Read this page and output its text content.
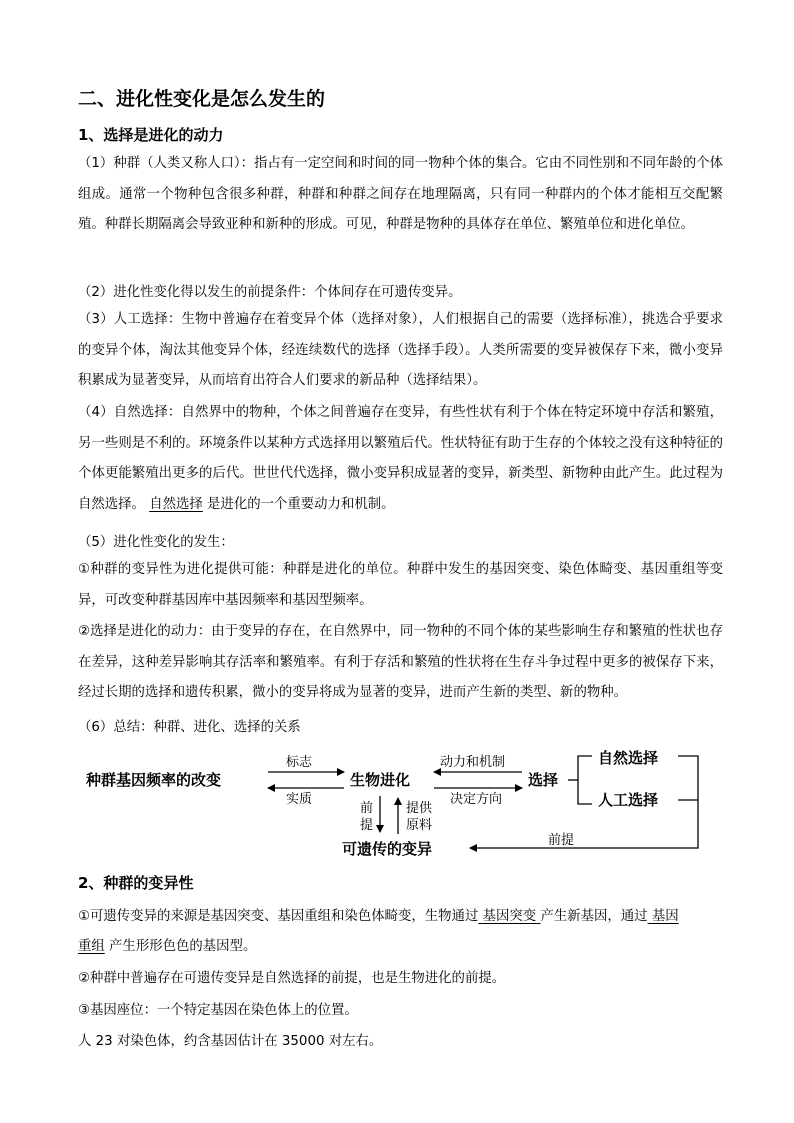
二、进化性变化是怎么发生的
1、选择是进化的动力
（1）种群（人类又称人口）：指占有一定空间和时间的同一物种个体的集合。它由不同性别和不同年龄的个体组成。通常一个物种包含很多种群，种群和种群之间存在地理隔离，只有同一种群内的个体才能相互交配繁殖。种群长期隔离会导致亚种和新种的形成。可见，种群是物种的具体存在单位、繁殖单位和进化单位。
（2）进化性变化得以发生的前提条件：个体间存在可遗传变异。
（3）人工选择：生物中普遍存在着变异个体（选择对象），人们根据自己的需要（选择标准），挑选合乎要求的变异个体，淘汰其他变异个体，经连续数代的选择（选择手段）。人类所需要的变异被保存下来，微小变异积累成为显著变异，从而培育出符合人们要求的新品种（选择结果）。
（4）自然选择：自然界中的物种，个体之间普遍存在变异，有些性状有利于个体在特定环境中存活和繁殖，另一些则是不利的。环境条件以某种方式选择用以繁殖后代。性状特征有助于生存的个体较之没有这种特征的个体更能繁殖出更多的后代。世世代代选择，微小变异积成显著的变异，新类型、新物种由此产生。此过程为自然选择。 自然选择 是进化的一个重要动力和机制。
（5）进化性变化的发生：
①种群的变异性为进化提供可能：种群是进化的单位。种群中发生的基因突变、染色体畸变、基因重组等变异，可改变种群基因库中基因频率和基因型频率。
②选择是进化的动力：由于变异的存在，在自然界中，同一物种的不同个体的某些影响生存和繁殖的性状也存在差异，这种差异影响其存活率和繁殖率。有利于存活和繁殖的性状将在生存斗争过程中更多的被保存下来，经过长期的选择和遗传积累，微小的变异将成为显著的变异，进而产生新的类型、新的物种。
（6）总结：种群、进化、选择的关系
种群基因频率的改变	生物进化	选择
自然选择
人工选择
可遗传的变异
标志
实质
动力和机制
决定方向
前提
前
提
提供
原料
2、种群的变异性
①可遗传变异的来源是基因突变、基因重组和染色体畸变，生物通过 基因突变 产生新基因，通过 基因
重组 产生形形色色的基因型。
②种群中普遍存在可遗传变异是自然选择的前提，也是生物进化的前提。
③基因座位：一个特定基因在染色体上的位置。
人 23 对染色体，约含基因估计在 35000 对左右。
